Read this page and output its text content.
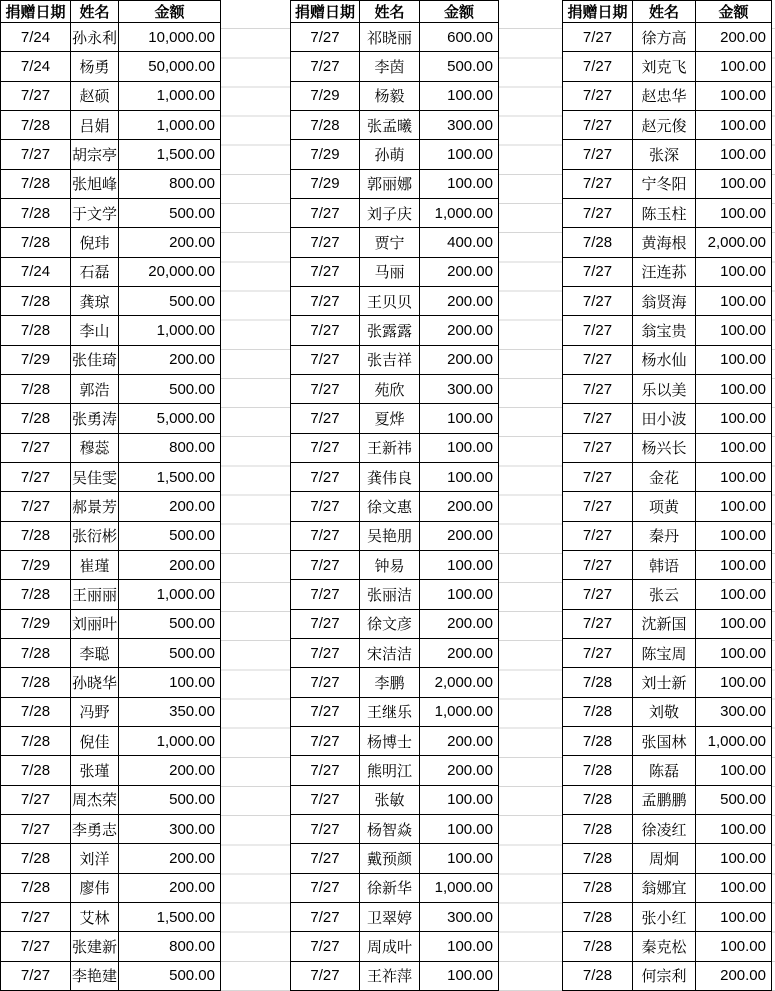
捐赠日期	姓名	金额
7/24	孙永利	10,000.00
7/24	杨勇	50,000.00
7/27	赵硕	1,000.00
7/28	吕娟	1,000.00
7/27	胡宗亭	1,500.00
7/28	张旭峰	800.00
7/28	于文学	500.00
7/28	倪玮	200.00
7/24	石磊	20,000.00
7/28	龚琼	500.00
7/28	李山	1,000.00
7/29	张佳琦	200.00
7/28	郭浩	500.00
7/28	张勇涛	5,000.00
7/27	穆蕊	800.00
7/27	吴佳雯	1,500.00
7/27	郝景芳	200.00
7/28	张衍彬	500.00
7/29	崔瑾	200.00
7/28	王丽丽	1,000.00
7/29	刘丽叶	500.00
7/28	李聪	500.00
7/28	孙晓华	100.00
7/28	冯野	350.00
7/28	倪佳	1,000.00
7/28	张瑾	200.00
7/27	周杰荣	500.00
7/27	李勇志	300.00
7/28	刘洋	200.00
7/28	廖伟	200.00
7/27	艾林	1,500.00
7/27	张建新	800.00
7/27	李艳建	500.00
捐赠日期	姓名	金额
7/27	祁晓丽	600.00
7/27	李茵	500.00
7/29	杨毅	100.00
7/28	张孟曦	300.00
7/29	孙萌	100.00
7/29	郭丽娜	100.00
7/27	刘子庆	1,000.00
7/27	贾宁	400.00
7/27	马丽	200.00
7/27	王贝贝	200.00
7/27	张露露	200.00
7/27	张吉祥	200.00
7/27	苑欣	300.00
7/27	夏烨	100.00
7/27	王新祎	100.00
7/27	龚伟良	100.00
7/27	徐文惠	200.00
7/27	吴艳朋	200.00
7/27	钟易	100.00
7/27	张丽洁	100.00
7/27	徐文彦	200.00
7/27	宋洁洁	200.00
7/27	李鹏	2,000.00
7/27	王继乐	1,000.00
7/27	杨博士	200.00
7/27	熊明江	200.00
7/27	张敏	100.00
7/27	杨智焱	100.00
7/27	戴预颜	100.00
7/27	徐新华	1,000.00
7/27	卫翠婷	300.00
7/27	周成叶	100.00
7/27	王祚萍	100.00
捐赠日期	姓名	金额
7/27	徐方高	200.00
7/27	刘克飞	100.00
7/27	赵忠华	100.00
7/27	赵元俊	100.00
7/27	张深	100.00
7/27	宁冬阳	100.00
7/27	陈玉柱	100.00
7/28	黄海根	2,000.00
7/27	汪连荪	100.00
7/27	翁贤海	100.00
7/27	翁宝贵	100.00
7/27	杨水仙	100.00
7/27	乐以美	100.00
7/27	田小波	100.00
7/27	杨兴长	100.00
7/27	金花	100.00
7/27	项黄	100.00
7/27	秦丹	100.00
7/27	韩语	100.00
7/27	张云	100.00
7/27	沈新国	100.00
7/27	陈宝周	100.00
7/28	刘士新	100.00
7/28	刘敬	300.00
7/28	张国林	1,000.00
7/28	陈磊	100.00
7/28	孟鹏鹏	500.00
7/28	徐凌红	100.00
7/28	周炯	100.00
7/28	翁娜宜	100.00
7/28	张小红	100.00
7/28	秦克松	100.00
7/28	何宗利	200.00
